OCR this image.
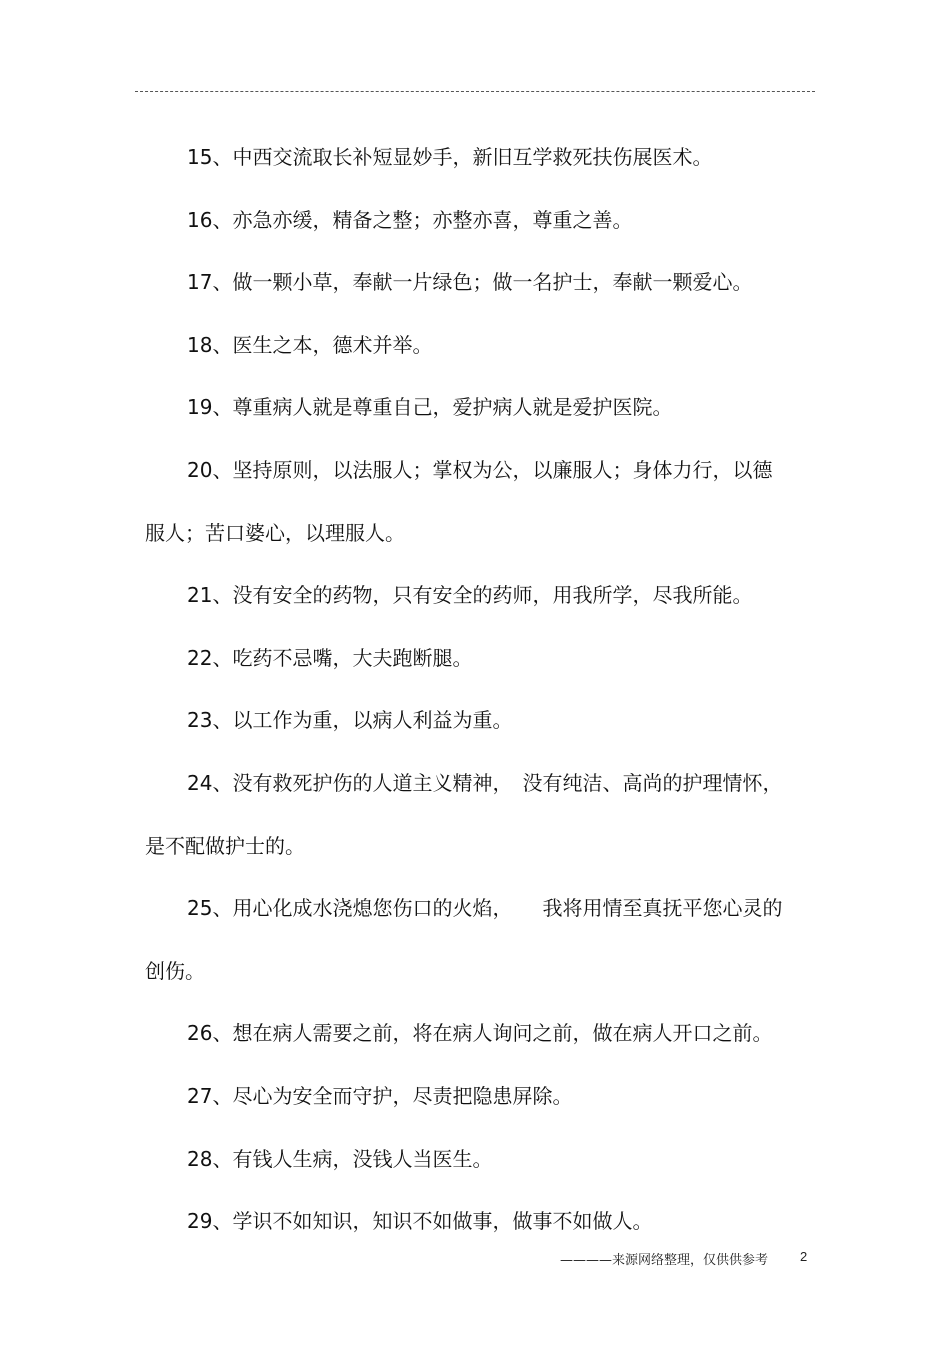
15、中西交流取长补短显妙手，新旧互学救死扶伤展医术。

16、亦急亦缓，精备之整；亦整亦喜，尊重之善。

17、做一颗小草，奉献一片绿色；做一名护士，奉献一颗爱心。

18、医生之本，德术并举。

19、尊重病人就是尊重自己，爱护病人就是爱护医院。

20、坚持原则，以法服人；掌权为公，以廉服人；身体力行，以德服人；苦口婆心，以理服人。

21、没有安全的药物，只有安全的药师，用我所学，尽我所能。

22、吃药不忌嘴，大夫跑断腿。

23、以工作为重，以病人利益为重。

24、没有救死护伤的人道主义精神，　没有纯洁、高尚的护理情怀，是不配做护士的。

25、用心化成水浇熄您伤口的火焰，　　我将用情至真抚平您心灵的创伤。

26、想在病人需要之前，将在病人询问之前，做在病人开口之前。

27、尽心为安全而守护，尽责把隐患屏除。

28、有钱人生病，没钱人当医生。

29、学识不如知识，知识不如做事，做事不如做人。

————来源网络整理，仅供供参考 2
